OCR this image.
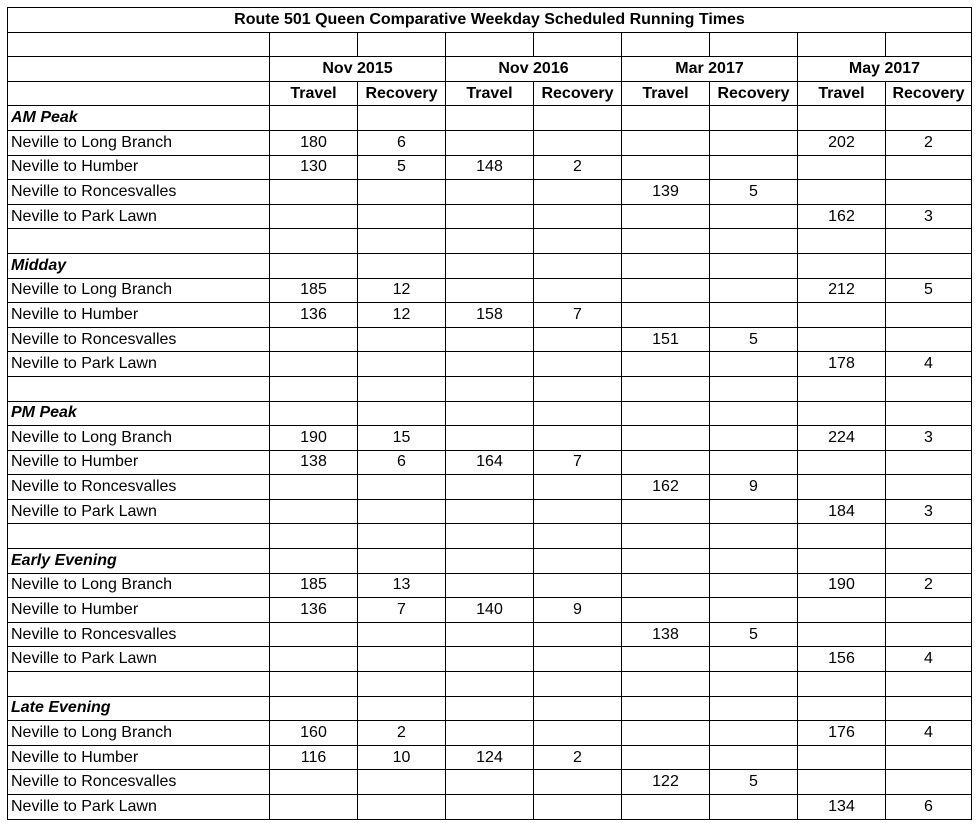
Route 501 Queen Comparative Weekday Scheduled Running Times								

	Nov 2015		Nov 2016		Mar 2017		May 2017	
	Travel	Recovery	Travel	Recovery	Travel	Recovery	Travel	Recovery
AM Peak								
Neville to Long Branch	180	6					202	2
Neville to Humber	130	5	148	2				
Neville to Roncesvalles					139	5		
Neville to Park Lawn							162	3

Midday								
Neville to Long Branch	185	12					212	5
Neville to Humber	136	12	158	7				
Neville to Roncesvalles					151	5		
Neville to Park Lawn							178	4

PM Peak								
Neville to Long Branch	190	15					224	3
Neville to Humber	138	6	164	7				
Neville to Roncesvalles					162	9		
Neville to Park Lawn							184	3

Early Evening								
Neville to Long Branch	185	13					190	2
Neville to Humber	136	7	140	9				
Neville to Roncesvalles					138	5		
Neville to Park Lawn							156	4

Late Evening								
Neville to Long Branch	160	2					176	4
Neville to Humber	116	10	124	2				
Neville to Roncesvalles					122	5		
Neville to Park Lawn							134	6
